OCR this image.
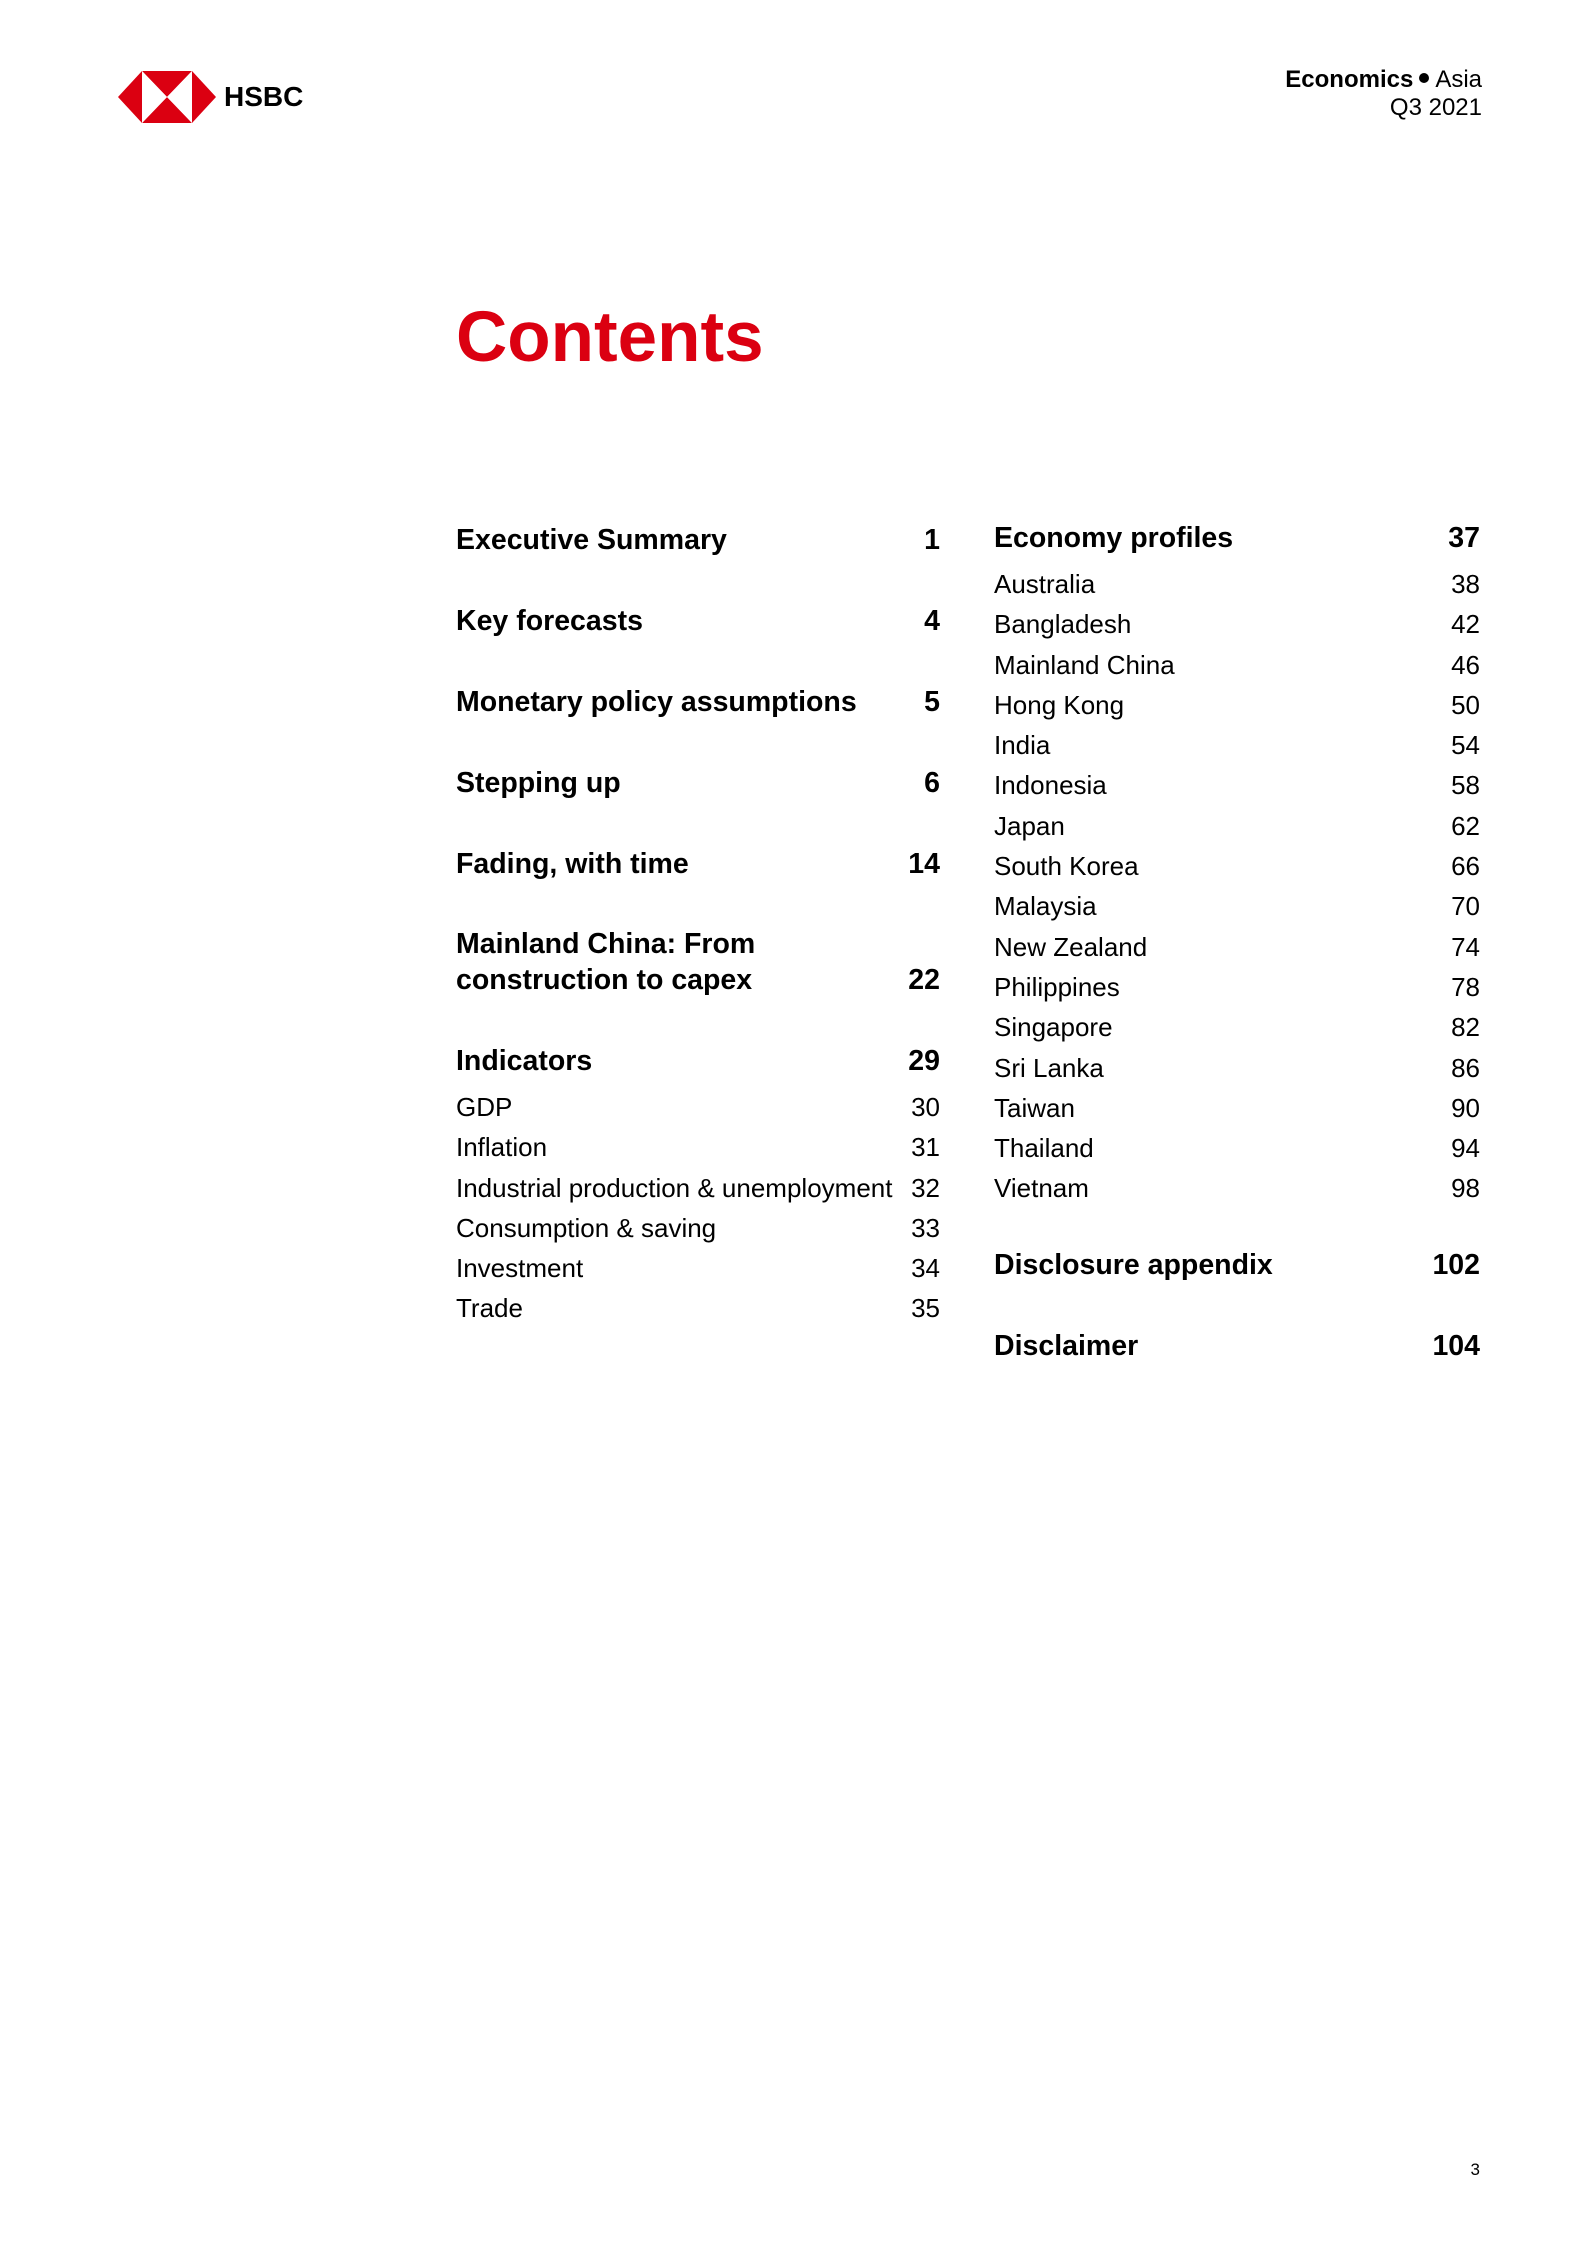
HSBC
Economics Asia
Q3 2021
Contents
Executive Summary	1
Key forecasts	4
Monetary policy assumptions	5
Stepping up	6
Fading, with time	14
Mainland China: From
construction to capex	22
Indicators	29
GDP	30
Inflation	31
Industrial production & unemployment 32
Consumption & saving	33
Investment	34
Trade	35
Economy profiles	37
Australia	38
Bangladesh	42
Mainland China	46
Hong Kong	50
India	54
Indonesia	58
Japan	62
South Korea	66
Malaysia	70
New Zealand	74
Philippines	78
Singapore	82
Sri Lanka	86
Taiwan	90
Thailand	94
Vietnam	98
Disclosure appendix	102
Disclaimer	104
3
